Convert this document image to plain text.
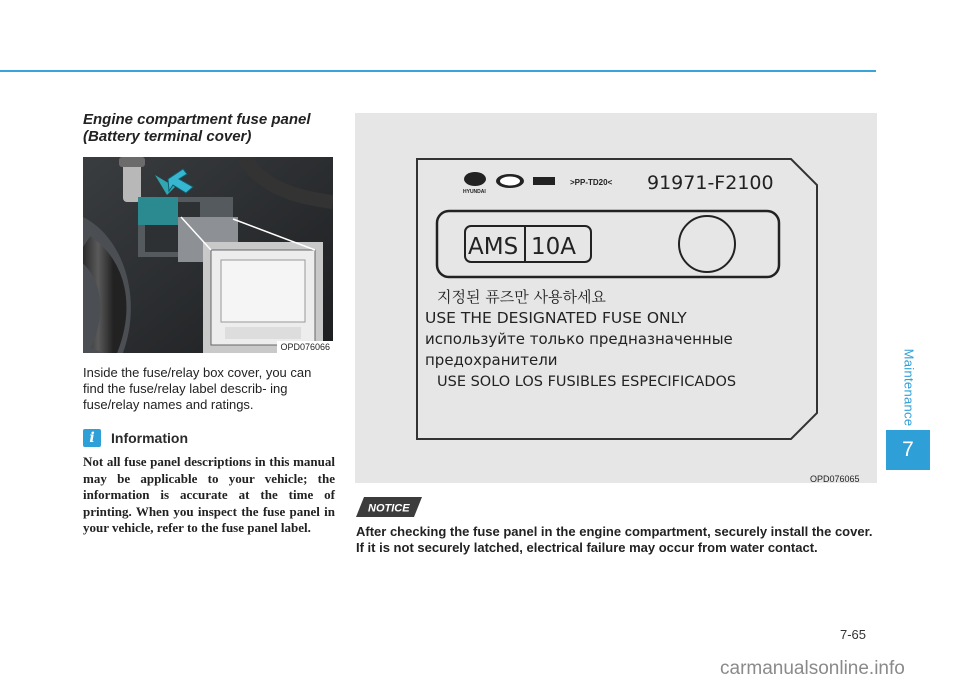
Maintenance
7
Engine compartment fuse panel
(Battery terminal cover)
OPD076066
Inside the fuse/relay box cover, you can find the fuse/relay label describ- ing fuse/relay names and ratings.
i	Information
Not all fuse panel descriptions in this manual may be applicable to your vehicle; the information is accurate at the time of printing. When you inspect the fuse panel in your vehicle, refer to the fuse panel label.
HYUNDAI
>PP-TD20< 91971-F2100
AMS 10A
지정된 퓨즈만 사용하세요
USE THE DESIGNATED FUSE ONLY
используйте только предназначенные
предохранители
USE SOLO LOS FUSIBLES ESPECIFICADOS
OPD076065
NOTICE
After checking the fuse panel in the engine compartment, securely install the cover. If it is not securely latched, electrical failure may occur from water contact.
7-65
carmanualsonline.info
